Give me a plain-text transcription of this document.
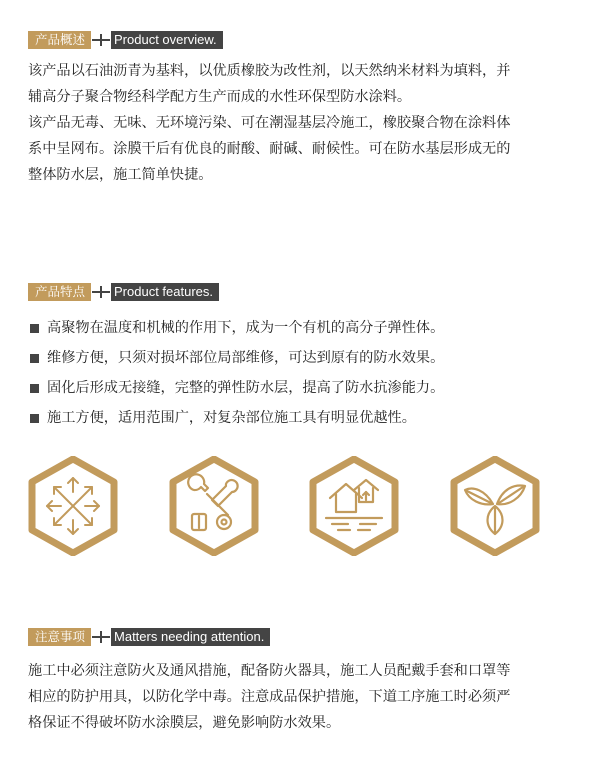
产品概述	Product overview.

该产品以石油沥青为基料，以优质橡胶为改性剂，以天然纳米材料为填料，并

辅高分子聚合物经科学配方生产而成的水性环保型防水涂料。

该产品无毒、无味、无环境污染、可在潮湿基层冷施工，橡胶聚合物在涂料体

系中呈网布。涂膜干后有优良的耐酸、耐碱、耐候性。可在防水基层形成无的

整体防水层，施工简单快捷。

产品特点	Product features.
高聚物在温度和机械的作用下，成为一个有机的高分子弹性体。
维修方便，只须对损坏部位局部维修，可达到原有的防水效果。
固化后形成无接缝，完整的弹性防水层，提高了防水抗渗能力。
施工方便，适用范围广，对复杂部位施工具有明显优越性。
注意事项	Matters needing attention.

施工中必须注意防火及通风措施，配备防火器具，施工人员配戴手套和口罩等

相应的防护用具，以防化学中毒。注意成品保护措施，下道工序施工时必须严

格保证不得破坏防水涂膜层，避免影响防水效果。
